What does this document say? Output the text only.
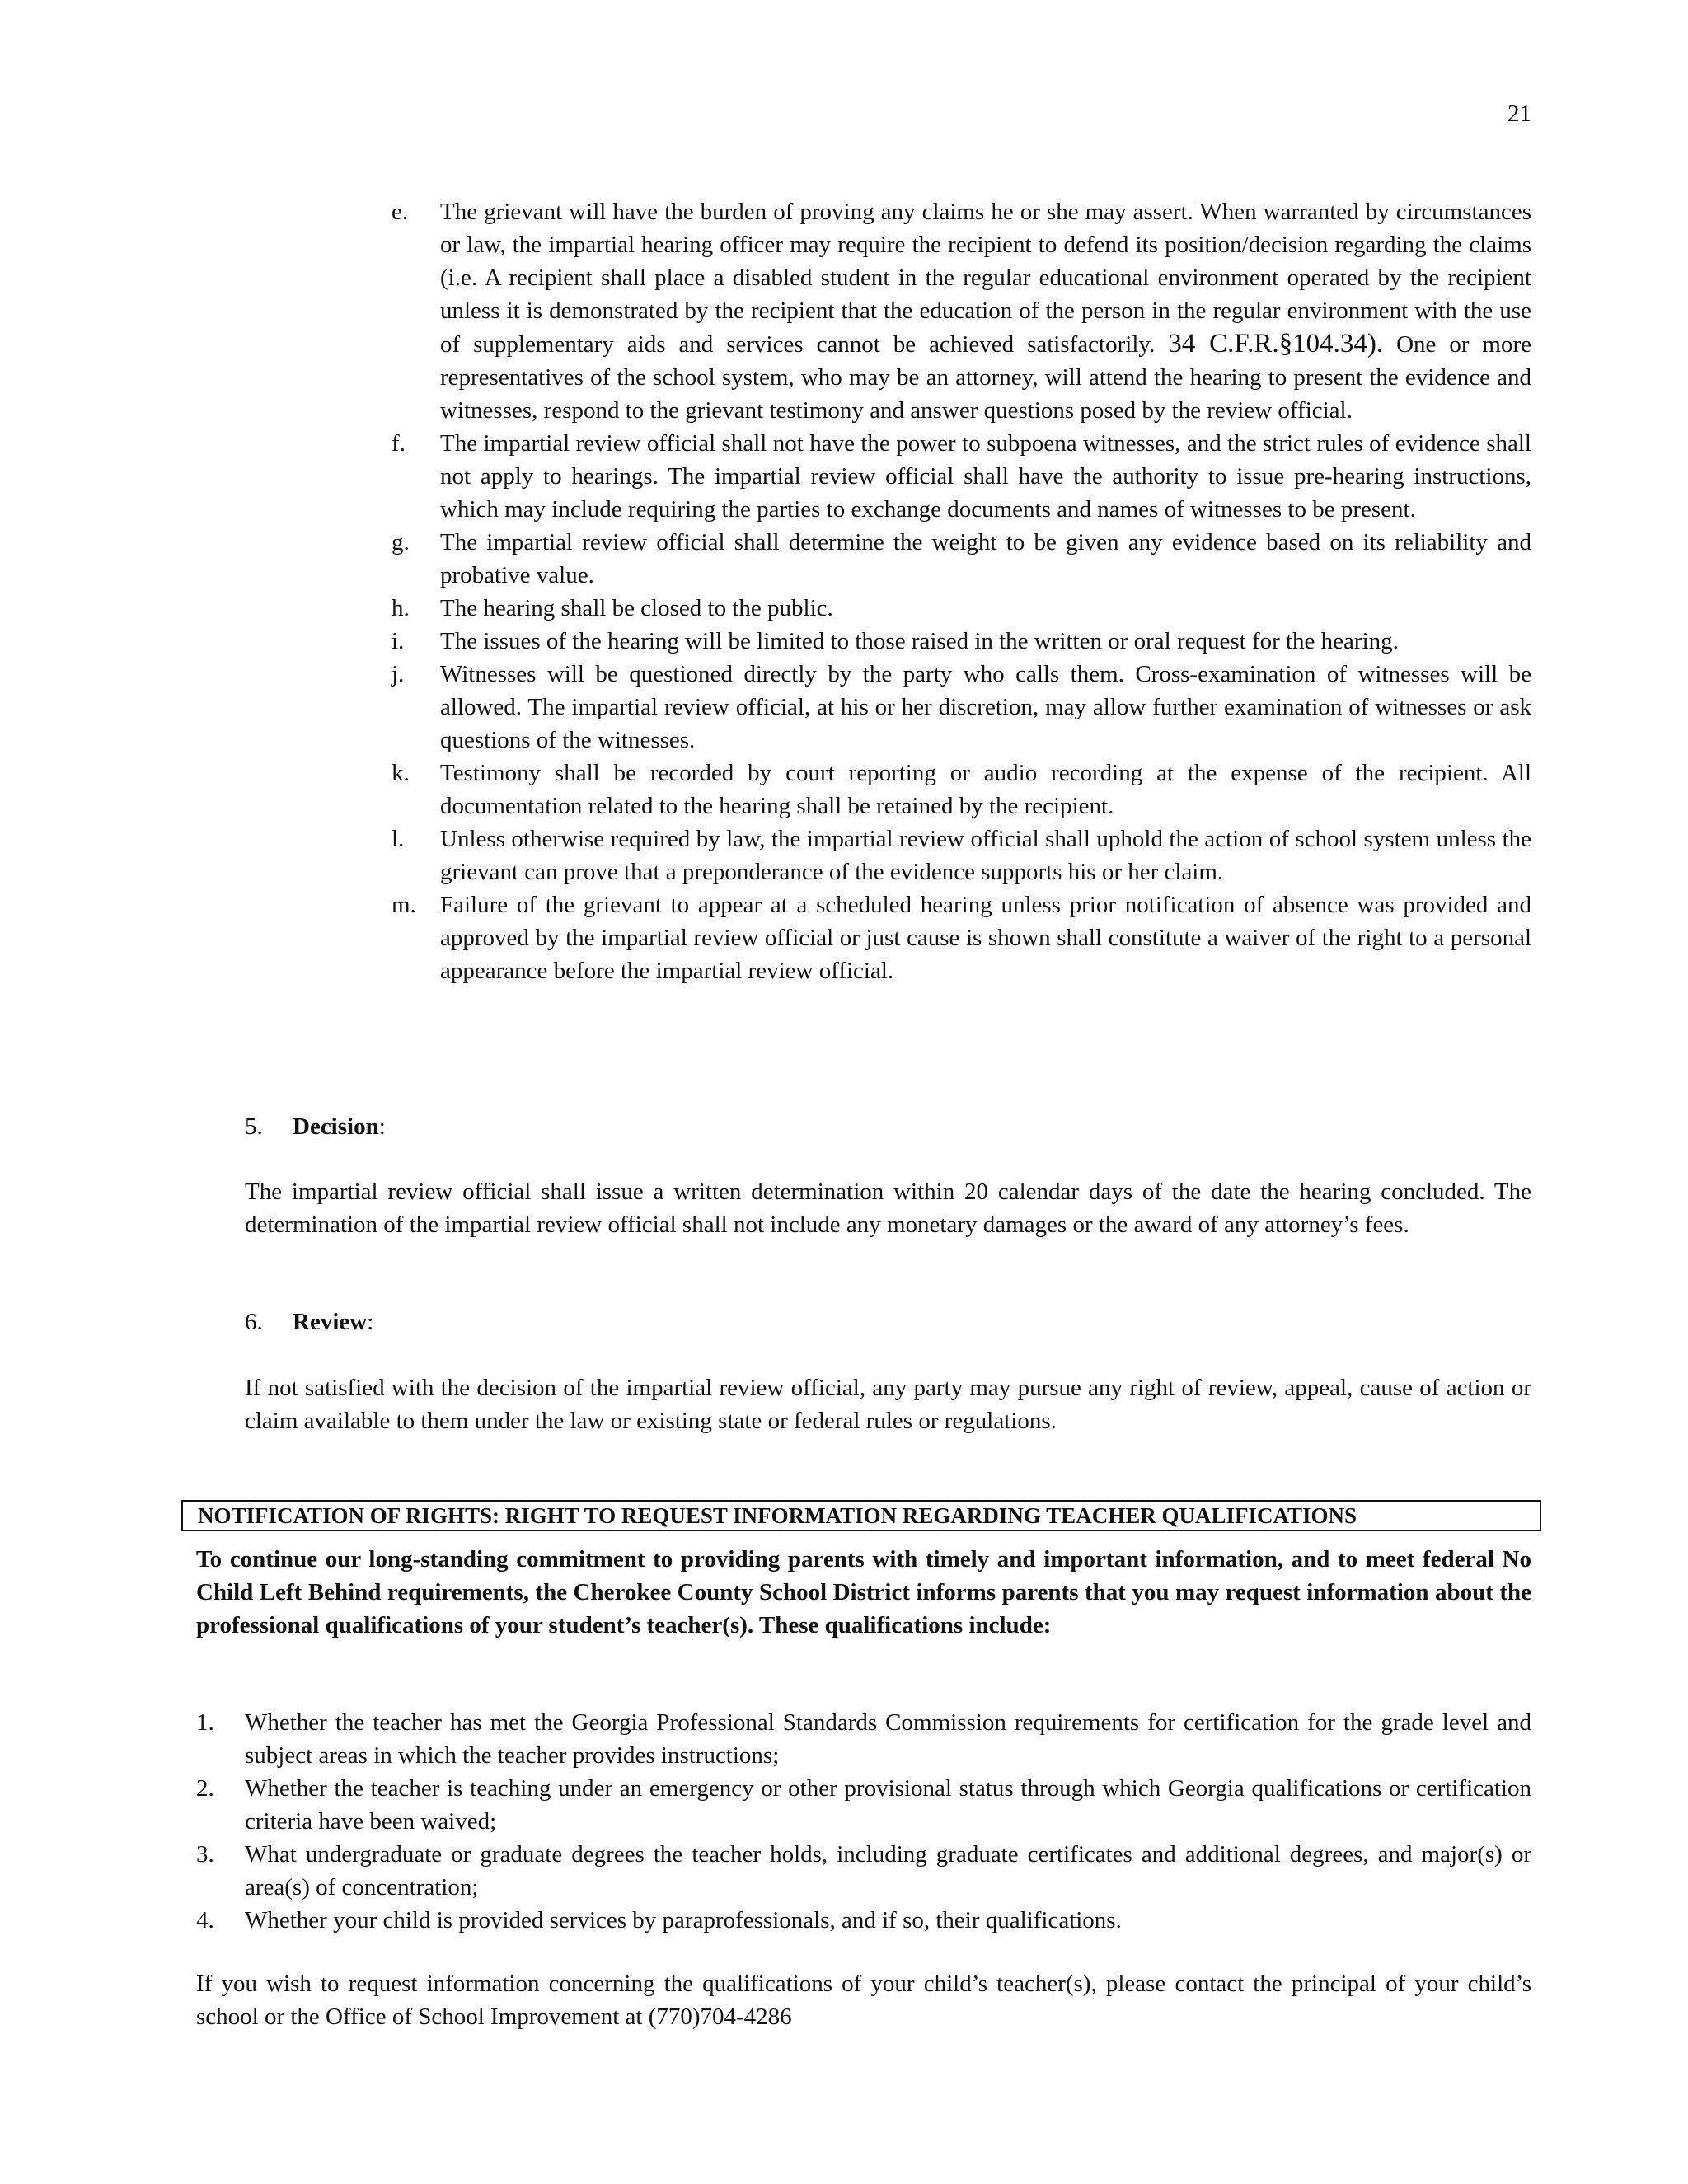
21
e.	The grievant will have the burden of proving any claims he or she may assert. When warranted by circumstances or law, the impartial hearing officer may require the recipient to defend its position/decision regarding the claims (i.e. A recipient shall place a disabled student in the regular educational environment operated by the recipient unless it is demonstrated by the recipient that the education of the person in the regular environment with the use of supplementary aids and services cannot be achieved satisfactorily. 34 C.F.R.§104.34). One or more representatives of the school system, who may be an attorney, will attend the hearing to present the evidence and witnesses, respond to the grievant testimony and answer questions posed by the review official.
f.	The impartial review official shall not have the power to subpoena witnesses, and the strict rules of evidence shall not apply to hearings. The impartial review official shall have the authority to issue pre-hearing instructions, which may include requiring the parties to exchange documents and names of witnesses to be present.
g.	The impartial review official shall determine the weight to be given any evidence based on its reliability and probative value.
h.	The hearing shall be closed to the public.
i.	The issues of the hearing will be limited to those raised in the written or oral request for the hearing.
j.	Witnesses will be questioned directly by the party who calls them. Cross-examination of witnesses will be allowed. The impartial review official, at his or her discretion, may allow further examination of witnesses or ask questions of the witnesses.
k.	Testimony shall be recorded by court reporting or audio recording at the expense of the recipient. All documentation related to the hearing shall be retained by the recipient.
l.	Unless otherwise required by law, the impartial review official shall uphold the action of school system unless the grievant can prove that a preponderance of the evidence supports his or her claim.
m.	Failure of the grievant to appear at a scheduled hearing unless prior notification of absence was provided and approved by the impartial review official or just cause is shown shall constitute a waiver of the right to a personal appearance before the impartial review official.
5.	Decision:
The impartial review official shall issue a written determination within 20 calendar days of the date the hearing concluded. The determination of the impartial review official shall not include any monetary damages or the award of any attorney’s fees.
6.	Review:
If not satisfied with the decision of the impartial review official, any party may pursue any right of review, appeal, cause of action or claim available to them under the law or existing state or federal rules or regulations.
NOTIFICATION OF RIGHTS: RIGHT TO REQUEST INFORMATION REGARDING TEACHER QUALIFICATIONS
To continue our long-standing commitment to providing parents with timely and important information, and to meet federal No Child Left Behind requirements, the Cherokee County School District informs parents that you may request information about the professional qualifications of your student’s teacher(s). These qualifications include:
1.	Whether the teacher has met the Georgia Professional Standards Commission requirements for certification for the grade level and subject areas in which the teacher provides instructions;
2.	Whether the teacher is teaching under an emergency or other provisional status through which Georgia qualifications or certification criteria have been waived;
3.	What undergraduate or graduate degrees the teacher holds, including graduate certificates and additional degrees, and major(s) or area(s) of concentration;
4.	Whether your child is provided services by paraprofessionals, and if so, their qualifications.
If you wish to request information concerning the qualifications of your child’s teacher(s), please contact the principal of your child’s school or the Office of School Improvement at (770)704-4286
